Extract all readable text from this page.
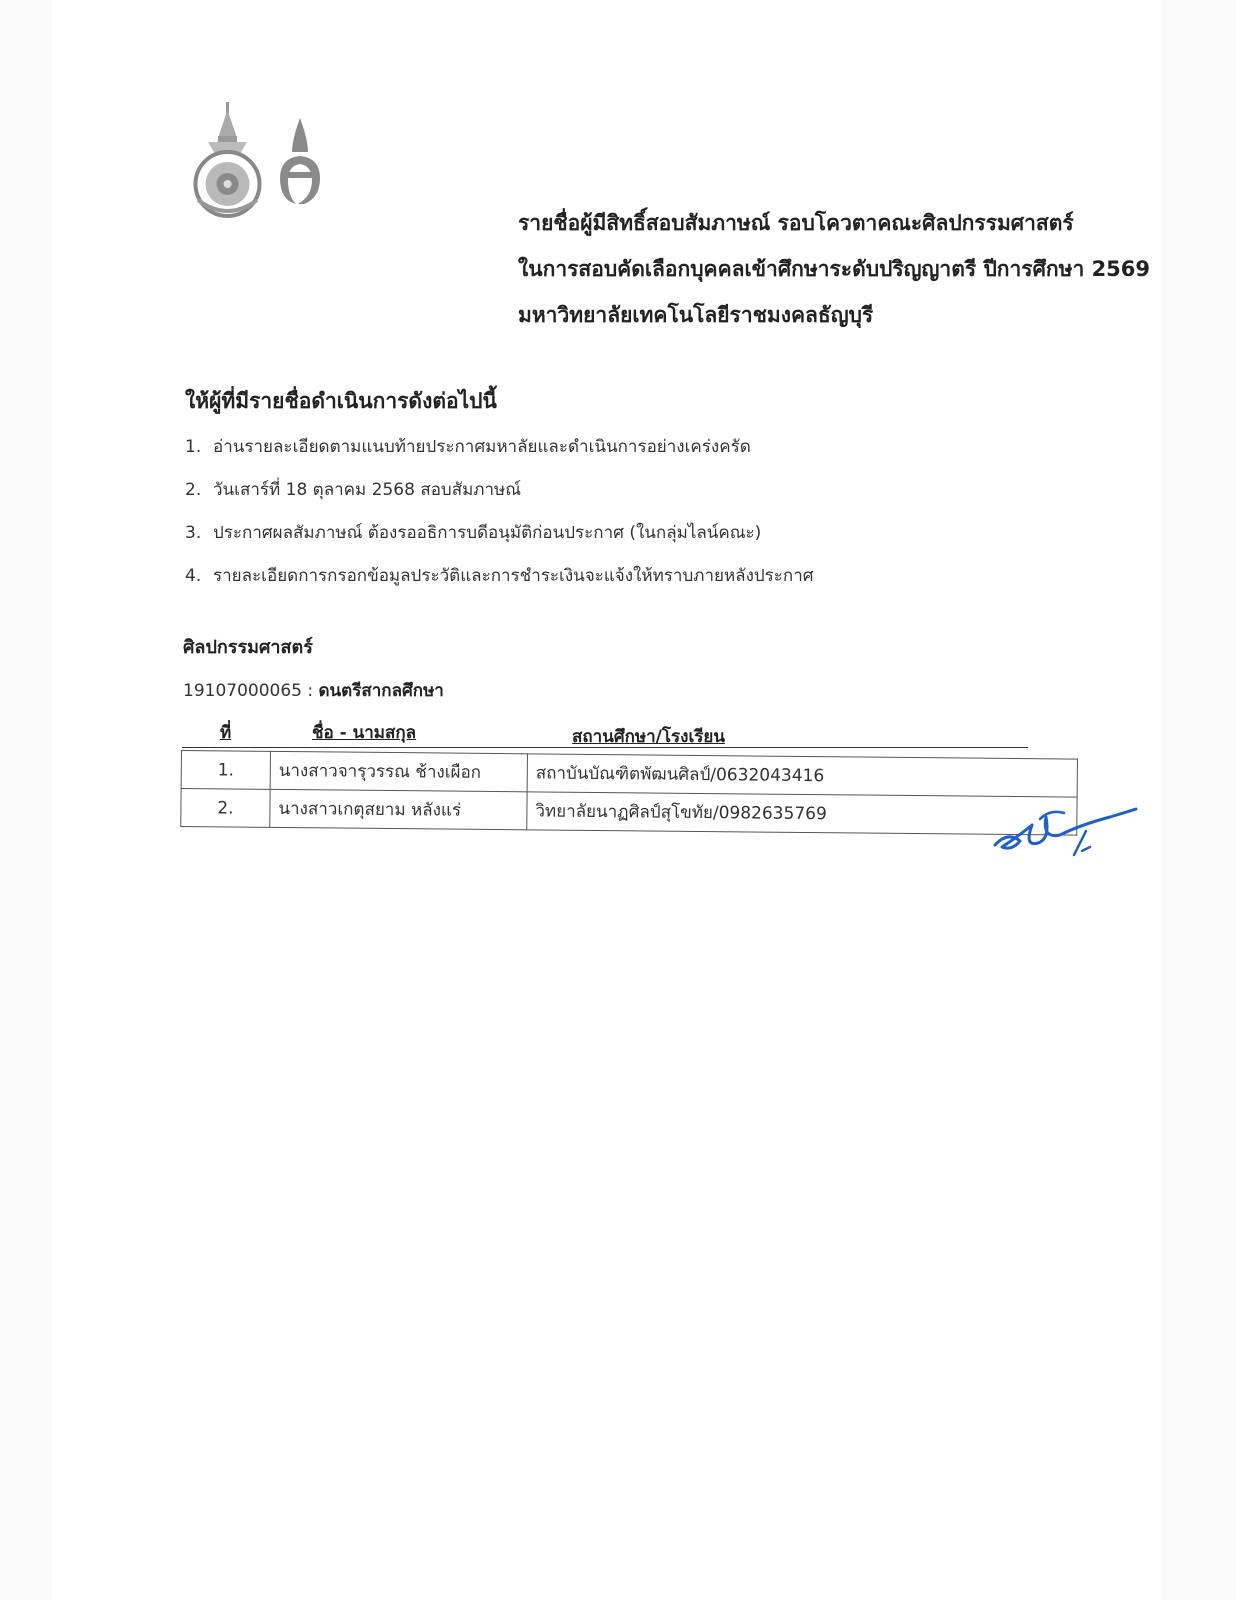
รายชื่อผู้มีสิทธิ์สอบสัมภาษณ์ รอบโควตาคณะศิลปกรรมศาสตร์
ในการสอบคัดเลือกบุคคลเข้าศึกษาระดับปริญญาตรี ปีการศึกษา 2569
มหาวิทยาลัยเทคโนโลยีราชมงคลธัญบุรี
ให้ผู้ที่มีรายชื่อดำเนินการดังต่อไปนี้
1. อ่านรายละเอียดตามแนบท้ายประกาศมหาลัยและดำเนินการอย่างเคร่งครัด
2. วันเสาร์ที่ 18 ตุลาคม 2568 สอบสัมภาษณ์
3. ประกาศผลสัมภาษณ์ ต้องรออธิการบดีอนุมัติก่อนประกาศ (ในกลุ่มไลน์คณะ)
4. รายละเอียดการกรอกข้อมูลประวัติและการชำระเงินจะแจ้งให้ทราบภายหลังประกาศ
ศิลปกรรมศาสตร์
19107000065 : ดนตรีสากลศึกษา
ที่	ชื่อ - นามสกุล	สถานศึกษา/โรงเรียน
1.	นางสาวจารุวรรณ ช้างเผือก	สถาบันบัณฑิตพัฒนศิลป์/0632043416
2.	นางสาวเกตุสยาม หลังแร่	วิทยาลัยนาฏศิลป์สุโขทัย/0982635769
